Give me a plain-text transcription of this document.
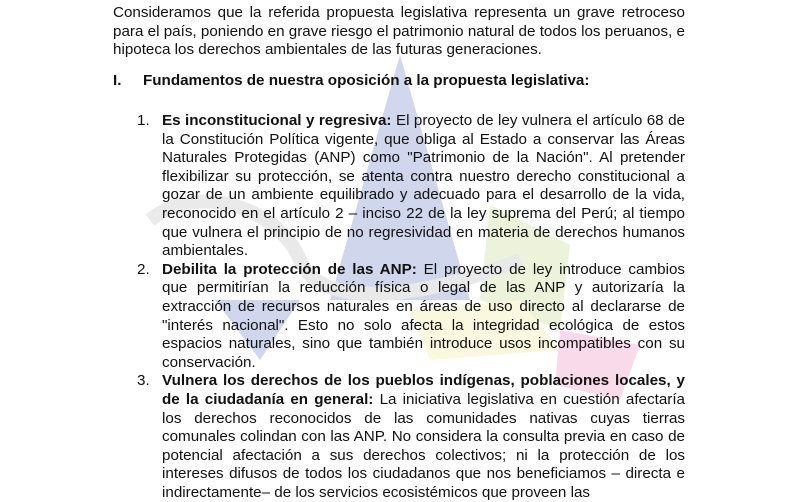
Consideramos que la referida propuesta legislativa representa un grave retroceso para el país, poniendo en grave riesgo el patrimonio natural de todos los peruanos, e hipoteca los derechos ambientales de las futuras generaciones.

I. Fundamentos de nuestra oposición a la propuesta legislativa:

1. Es inconstitucional y regresiva: El proyecto de ley vulnera el artículo 68 de la Constitución Política vigente, que obliga al Estado a conservar las Áreas Naturales Protegidas (ANP) como "Patrimonio de la Nación". Al pretender flexibilizar su protección, se atenta contra nuestro derecho constitucional a gozar de un ambiente equilibrado y adecuado para el desarrollo de la vida, reconocido en el artículo 2 – inciso 22 de la ley suprema del Perú; al tiempo que vulnera el principio de no regresividad en materia de derechos humanos ambientales.
2. Debilita la protección de las ANP: El proyecto de ley introduce cambios que permitirían la reducción física o legal de las ANP y autorizaría la extracción de recursos naturales en áreas de uso directo al declararse de "interés nacional". Esto no solo afecta la integridad ecológica de estos espacios naturales, sino que también introduce usos incompatibles con su conservación.
3. Vulnera los derechos de los pueblos indígenas, poblaciones locales, y de la ciudadanía en general: La iniciativa legislativa en cuestión afectaría los derechos reconocidos de las comunidades nativas cuyas tierras comunales colindan con las ANP. No considera la consulta previa en caso de potencial afectación a sus derechos colectivos; ni la protección de los intereses difusos de todos los ciudadanos que nos beneficiamos – directa e indirectamente– de los servicios ecosistémicos que proveen las
